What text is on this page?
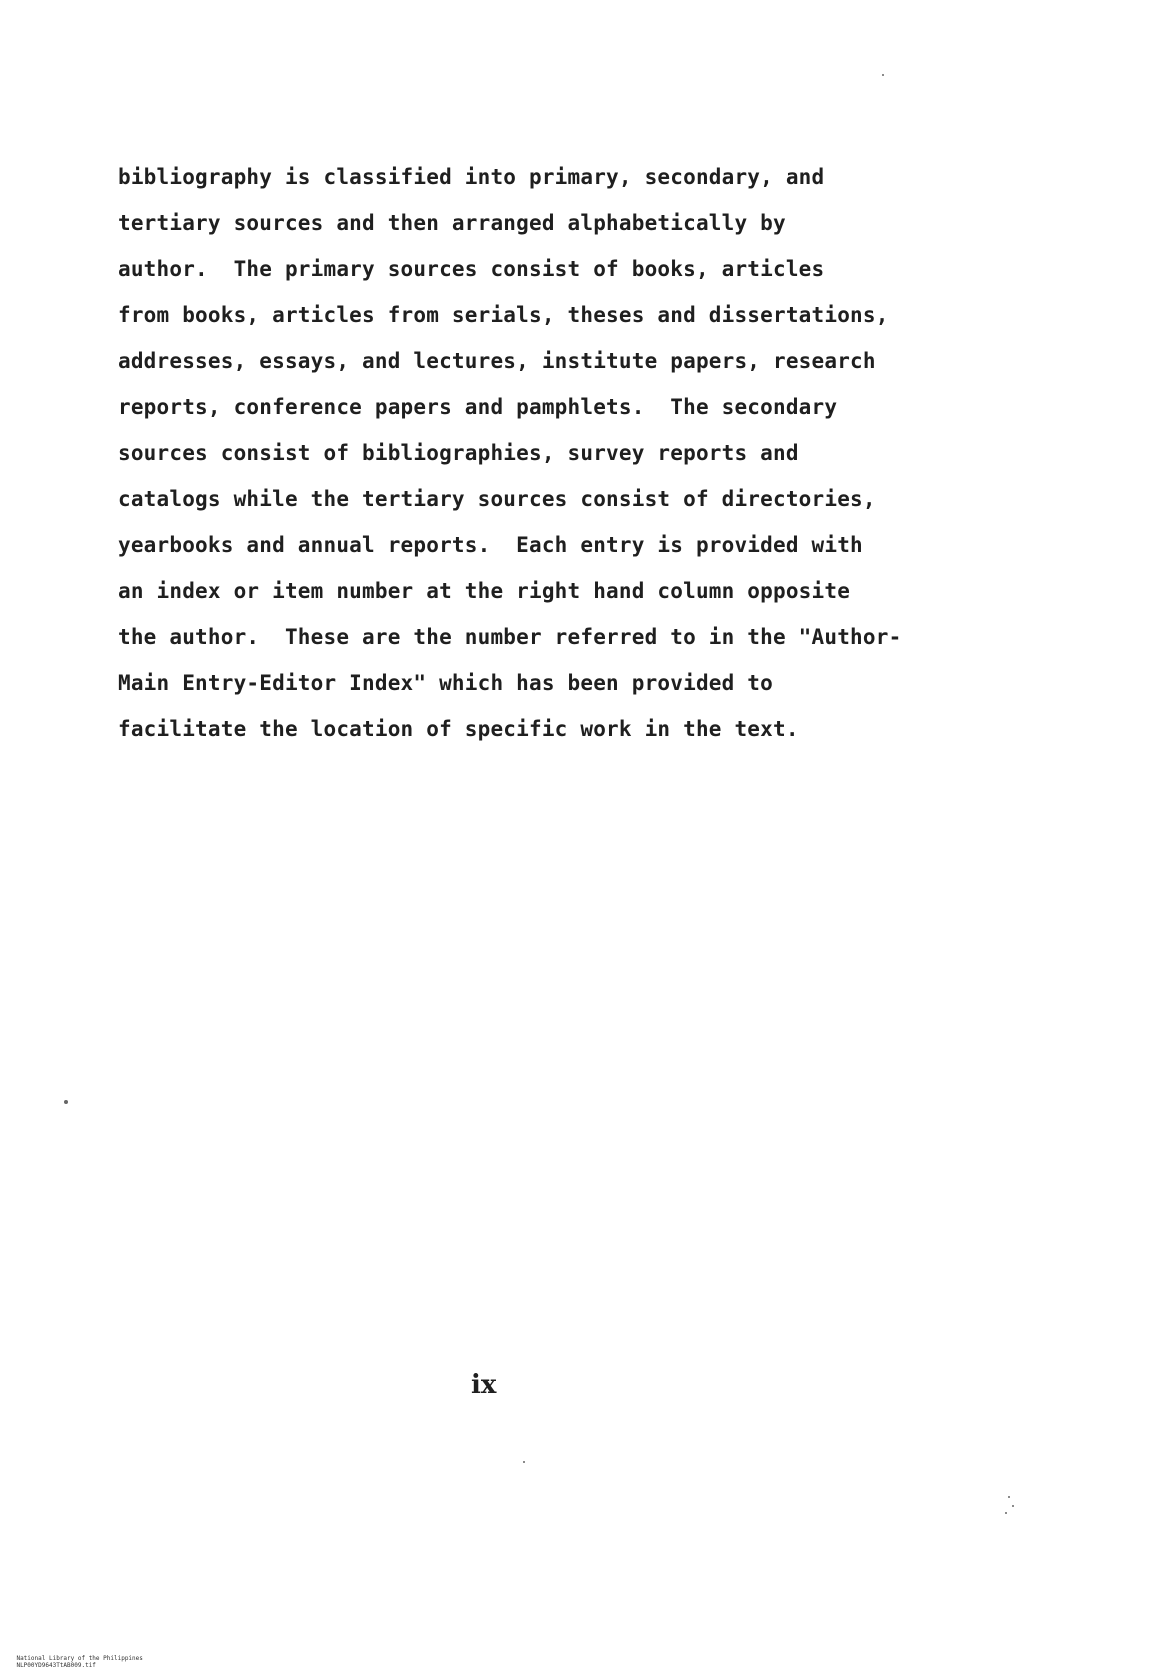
bibliography is classified into primary, secondary, and
tertiary sources and then arranged alphabetically by
author.  The primary sources consist of books, articles
from books, articles from serials, theses and dissertations,
addresses, essays, and lectures, institute papers, research
reports, conference papers and pamphlets.  The secondary
sources consist of bibliographies, survey reports and
catalogs while the tertiary sources consist of directories,
yearbooks and annual reports.  Each entry is provided with
an index or item number at the right hand column opposite
the author.  These are the number referred to in the "Author-
Main Entry-Editor Index" which has been provided to
facilitate the location of specific work in the text.
ix

National Library of the Philippines
NLP00YD9643TtAB009.tif
